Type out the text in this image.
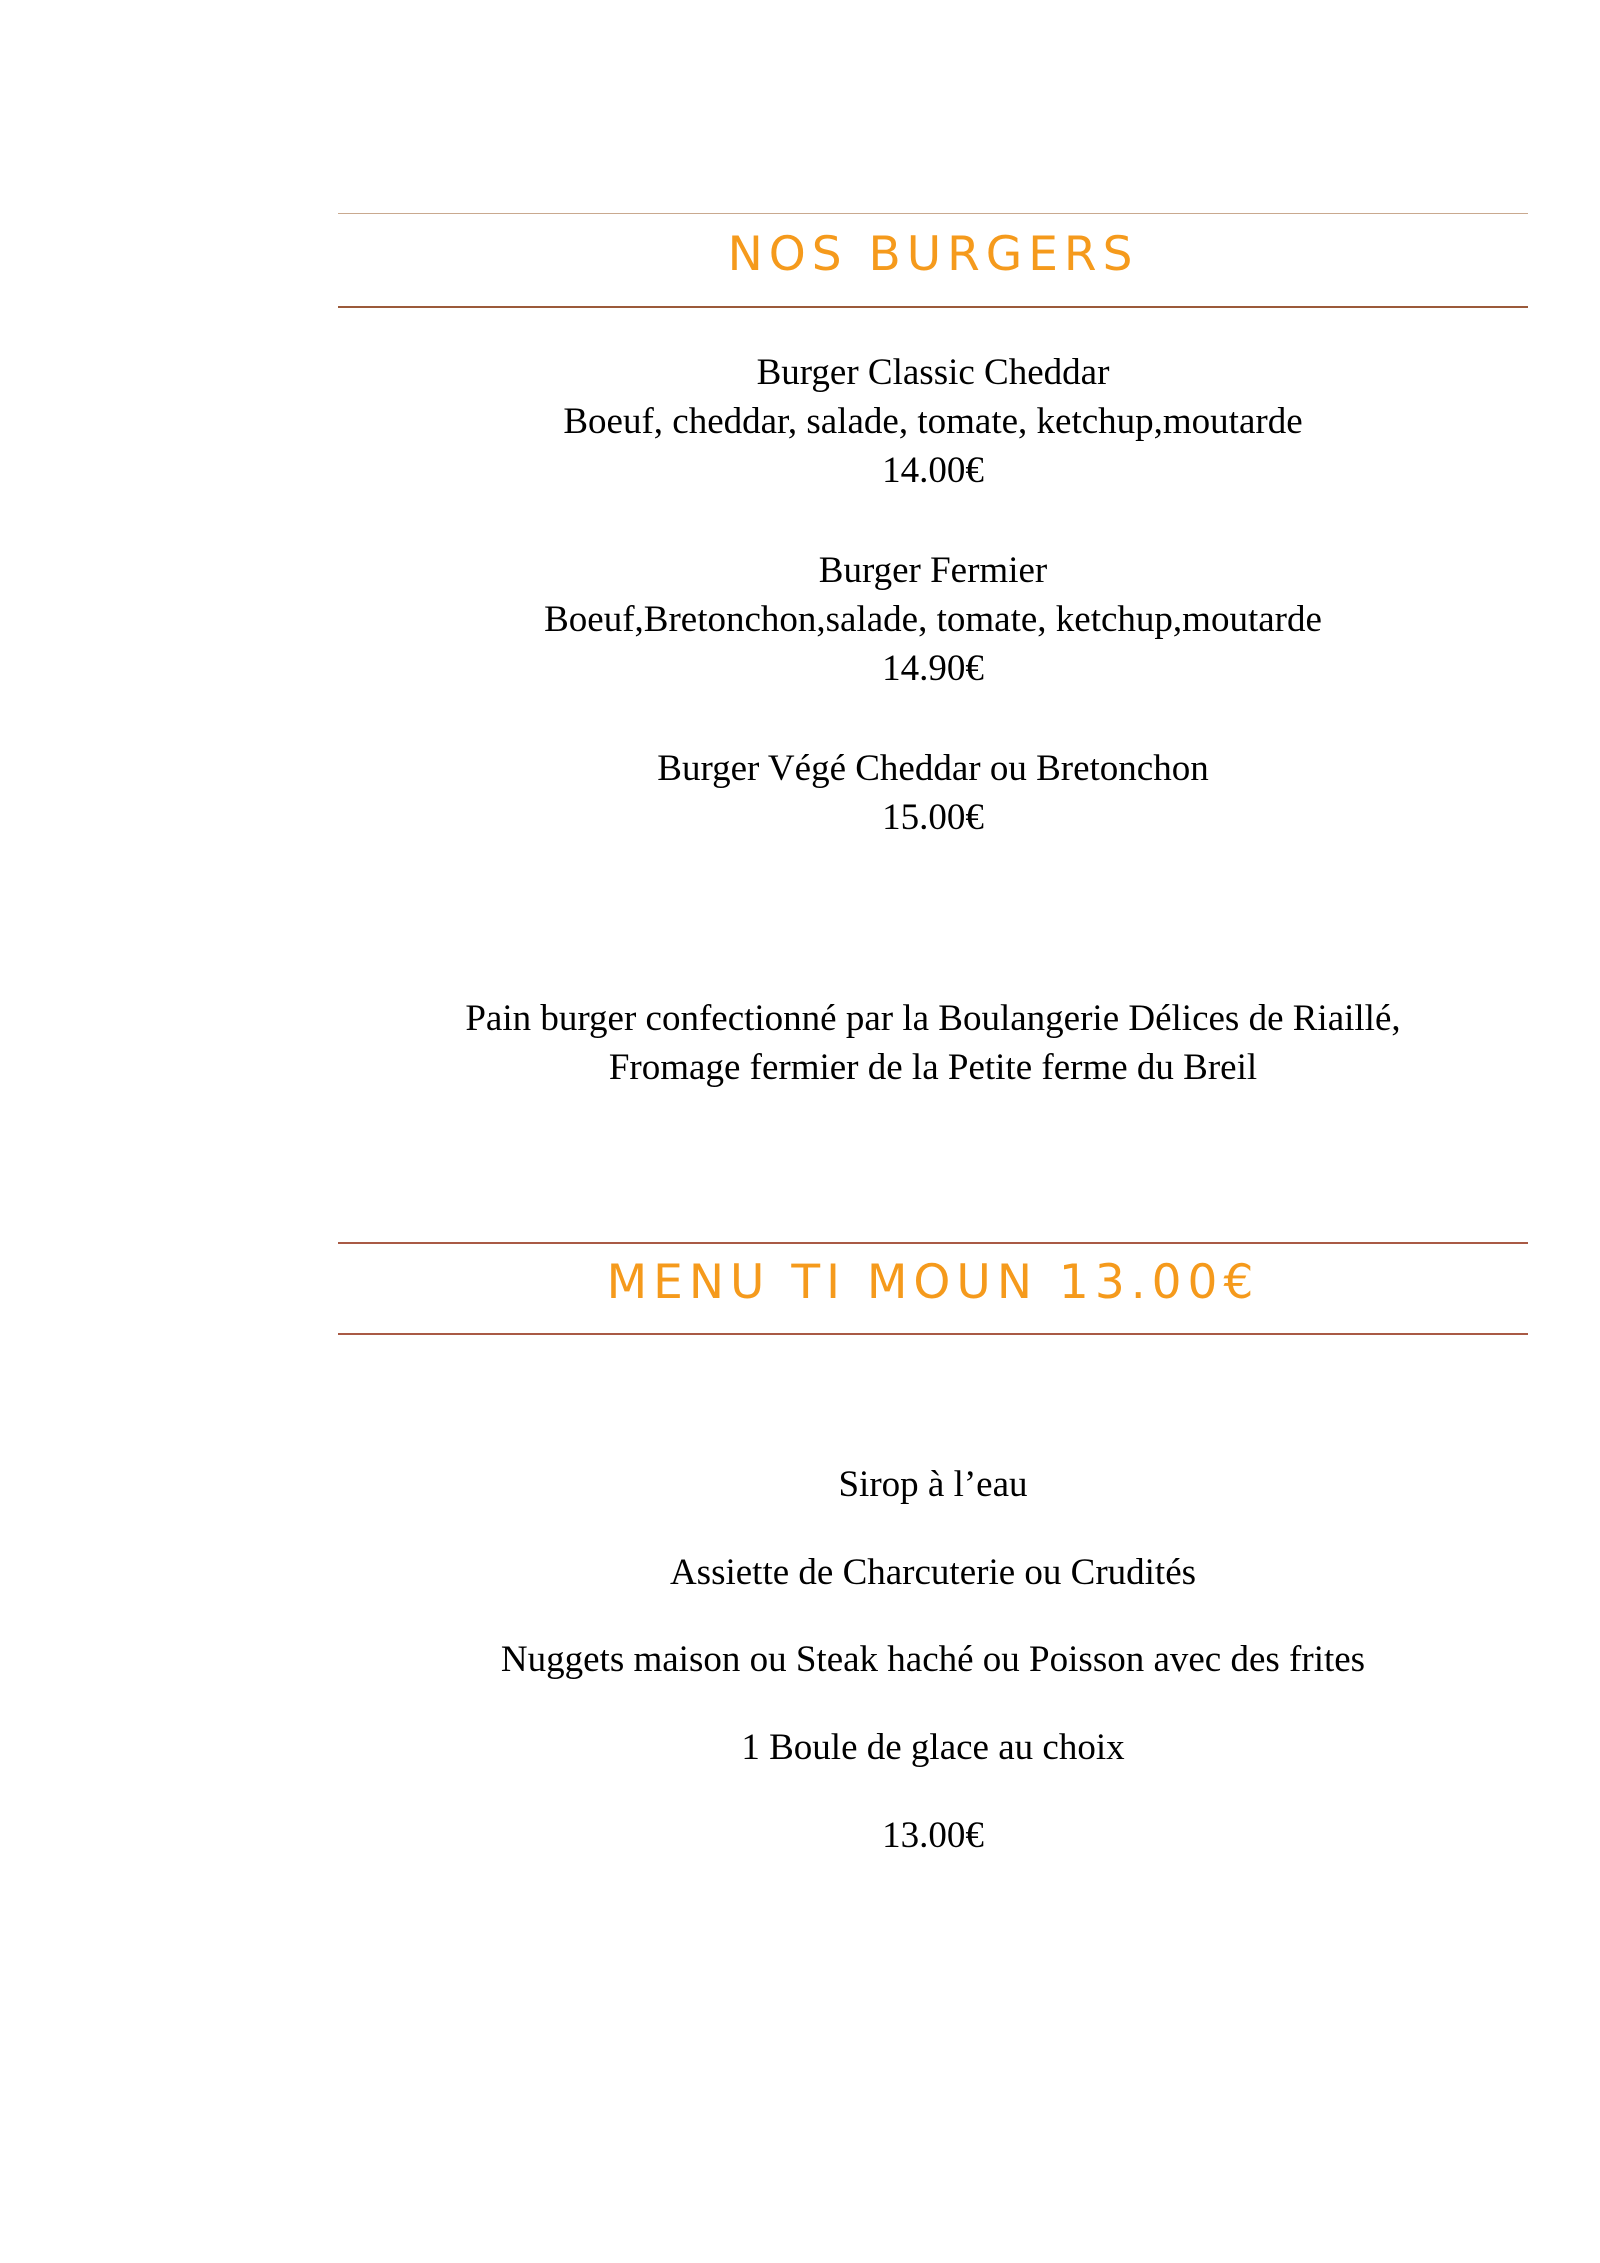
NOS BURGERS
Burger Classic Cheddar
Boeuf, cheddar, salade, tomate, ketchup,moutarde
14.00€
Burger Fermier
Boeuf,Bretonchon,salade, tomate, ketchup,moutarde
14.90€
Burger Végé Cheddar ou Bretonchon
15.00€
Pain burger confectionné par la Boulangerie Délices de Riaillé,
Fromage fermier de la Petite ferme du Breil
MENU TI MOUN 13.00€
Sirop à l’eau
Assiette de Charcuterie ou Crudités
Nuggets maison ou Steak haché ou Poisson avec des frites
1 Boule de glace au choix
13.00€
